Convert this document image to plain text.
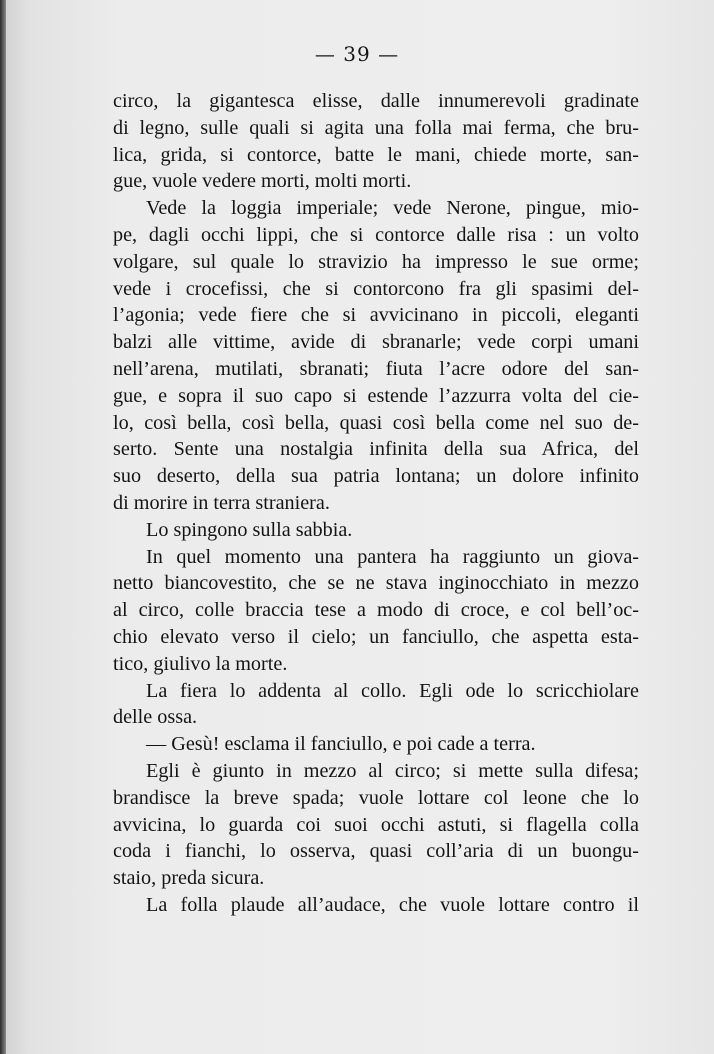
— 39 —
circo, la gigantesca elisse, dalle innumerevoli gradinate
di legno, sulle quali si agita una folla mai ferma, che bru-
lica, grida, si contorce, batte le mani, chiede morte, san-
gue, vuole vedere morti, molti morti.
Vede la loggia imperiale; vede Nerone, pingue, mio-
pe, dagli occhi lippi, che si contorce dalle risa : un volto
volgare, sul quale lo stravizio ha impresso le sue orme;
vede i crocefissi, che si contorcono fra gli spasimi del-
l’agonia; vede fiere che si avvicinano in piccoli, eleganti
balzi alle vittime, avide di sbranarle; vede corpi umani
nell’arena, mutilati, sbranati; fiuta l’acre odore del san-
gue, e sopra il suo capo si estende l’azzurra volta del cie-
lo, così bella, così bella, quasi così bella come nel suo de-
serto. Sente una nostalgia infinita della sua Africa, del
suo deserto, della sua patria lontana; un dolore infinito
di morire in terra straniera.
Lo spingono sulla sabbia.
In quel momento una pantera ha raggiunto un giova-
netto biancovestito, che se ne stava inginocchiato in mezzo
al circo, colle braccia tese a modo di croce, e col bell’oc-
chio elevato verso il cielo; un fanciullo, che aspetta esta-
tico, giulivo la morte.
La fiera lo addenta al collo. Egli ode lo scricchiolare
delle ossa.
— Gesù! esclama il fanciullo, e poi cade a terra.
Egli è giunto in mezzo al circo; si mette sulla difesa;
brandisce la breve spada; vuole lottare col leone che lo
avvicina, lo guarda coi suoi occhi astuti, si flagella colla
coda i fianchi, lo osserva, quasi coll’aria di un buongu-
staio, preda sicura.
La folla plaude all’audace, che vuole lottare contro il
